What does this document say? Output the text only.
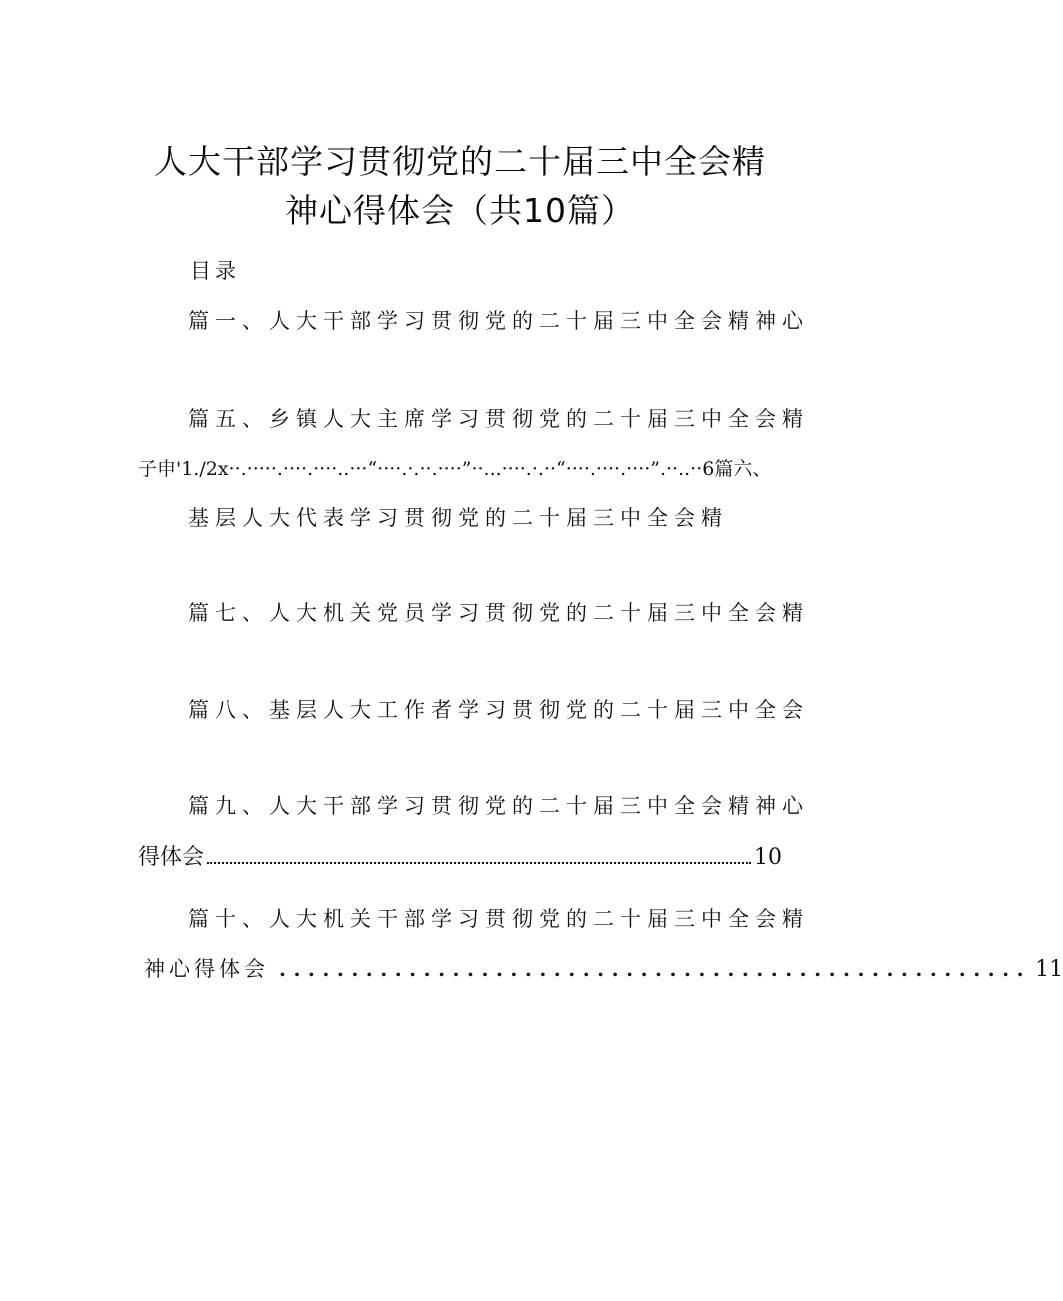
人大干部学习贯彻党的二十届三中全会精
神心得体会（共10篇）
目录
篇一、人大干部学习贯彻党的二十届三中全会精神心
篇五、乡镇人大主席学习贯彻党的二十届三中全会精
子申'1./2x··.·····.····.····..···“····.·.··.····”··...····.·.··“····.····.····”.··..··6篇六、
基层人大代表学习贯彻党的二十届三中全会精
篇七、人大机关党员学习贯彻党的二十届三中全会精
篇八、基层人大工作者学习贯彻党的二十届三中全会
篇九、人大干部学习贯彻党的二十届三中全会精神心
得体会	10
篇十、人大机关干部学习贯彻党的二十届三中全会精
神心得体会 .................................................... 11
